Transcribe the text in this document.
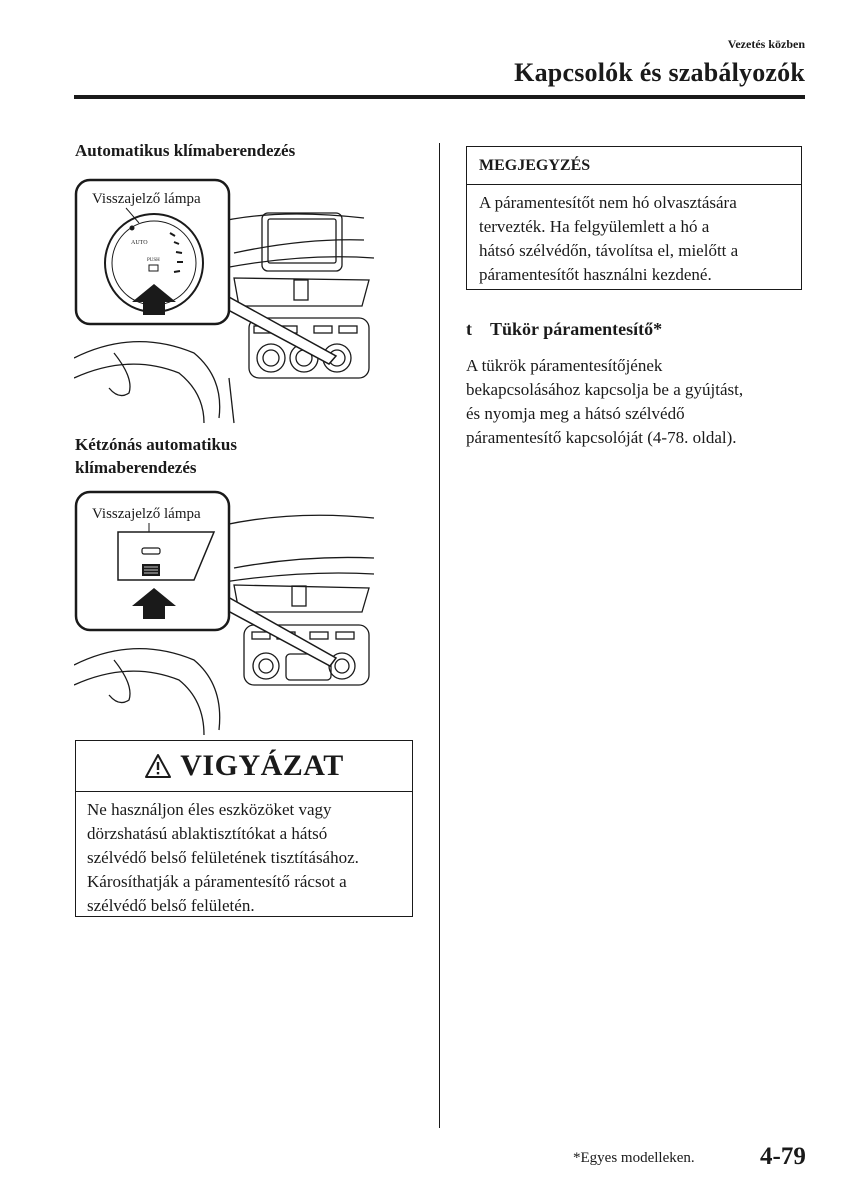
Vezetés közben
Kapcsolók és szabályozók
Automatikus klímaberendezés
Visszajelző lámpa
AUTO
PUSH
Kétzónás automatikus
klímaberendezés
Visszajelző lámpa
VIGYÁZAT
Ne használjon éles eszközöket vagy
dörzshatású ablaktisztítókat a hátsó
szélvédő belső felületének tisztításához.
Károsíthatják a páramentesítő rácsot a
szélvédő belső felületén.
MEGJEGYZÉS
A páramentesítőt nem hó olvasztására
tervezték. Ha felgyülemlett a hó a
hátsó szélvédőn, távolítsa el, mielőtt a
páramentesítőt használni kezdené.
t Tükör páramentesítő*
A tükrök páramentesítőjének
bekapcsolásához kapcsolja be a gyújtást,
és nyomja meg a hátsó szélvédő
páramentesítő kapcsolóját (4-78. oldal).
*Egyes modelleken.	4-79
